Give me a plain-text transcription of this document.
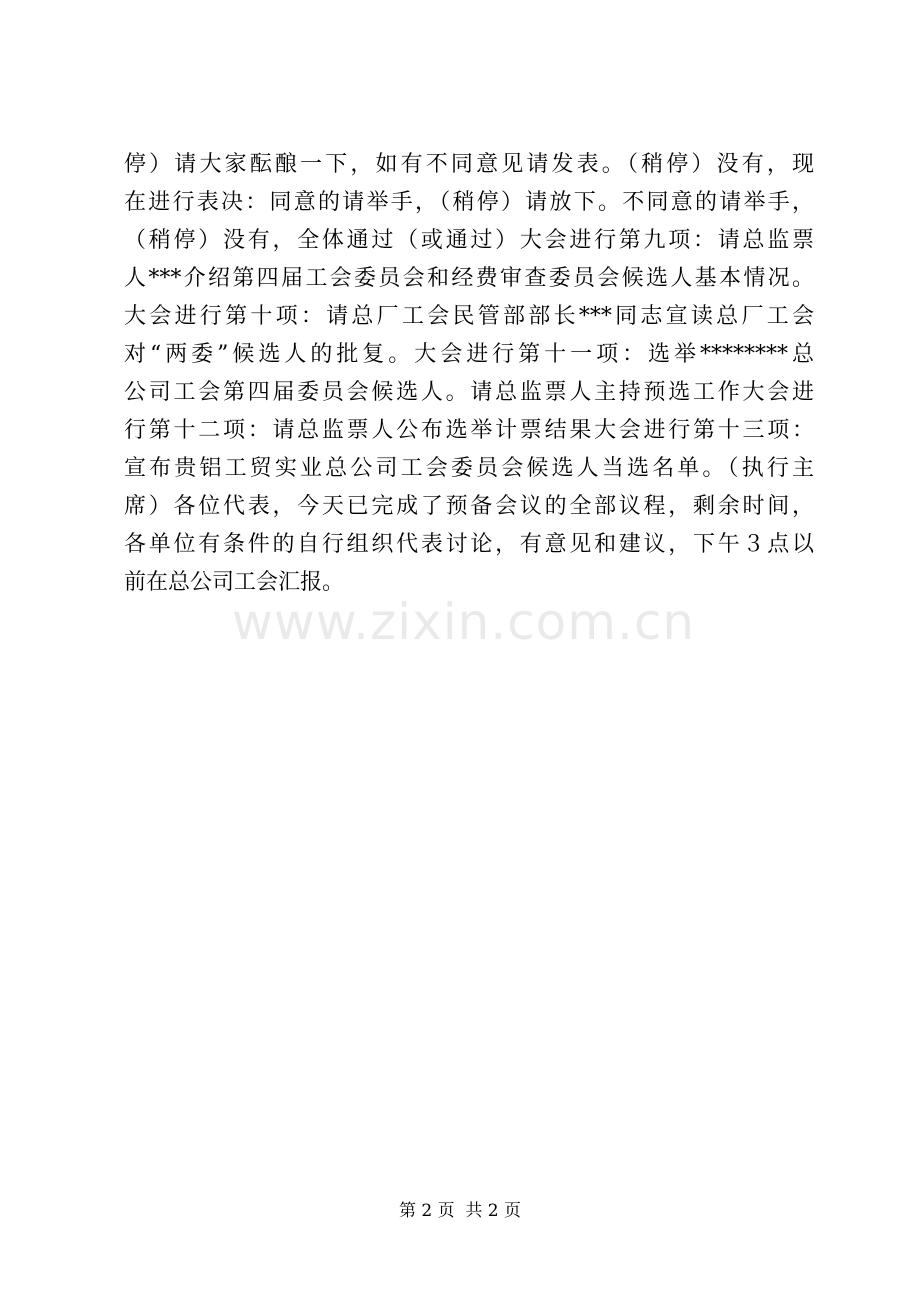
www.zixin.com.cn
停）请大家酝酿一下，如有不同意见请发表。（稍停）没有，现
在进行表决：同意的请举手，（稍停）请放下。不同意的请举手，
（稍停）没有，全体通过（或通过）大会进行第九项：请总监票
人***介绍第四届工会委员会和经费审查委员会候选人基本情况。
大会进行第十项：请总厂工会民管部部长***同志宣读总厂工会
对“两委”候选人的批复。大会进行第十一项：选举********总
公司工会第四届委员会候选人。请总监票人主持预选工作大会进
行第十二项：请总监票人公布选举计票结果大会进行第十三项：
宣布贵铝工贸实业总公司工会委员会候选人当选名单。（执行主
席）各位代表，今天已完成了预备会议的全部议程，剩余时间，
各单位有条件的自行组织代表讨论，有意见和建议，下午３点以
前在总公司工会汇报。
第 2 页  共 2 页
